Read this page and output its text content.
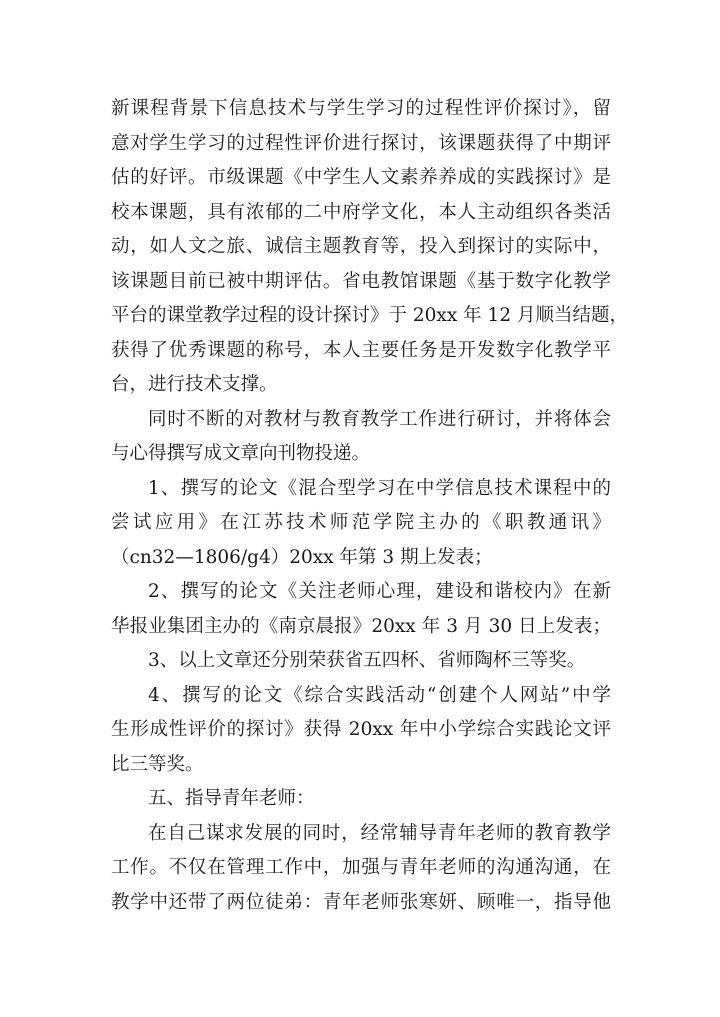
新课程背景下信息技术与学生学习的过程性评价探讨》，留
意对学生学习的过程性评价进行探讨，该课题获得了中期评
估的好评。市级课题《中学生人文素养养成的实践探讨》是
校本课题，具有浓郁的二中府学文化，本人主动组织各类活
动，如人文之旅、诚信主题教育等，投入到探讨的实际中，
该课题目前已被中期评估。省电教馆课题《基于数字化教学
平台的课堂教学过程的设计探讨》于 20xx 年 12 月顺当结题，
获得了优秀课题的称号，本人主要任务是开发数字化教学平
台，进行技术支撑。
同时不断的对教材与教育教学工作进行研讨，并将体会
与心得撰写成文章向刊物投递。
1、撰写的论文《混合型学习在中学信息技术课程中的
尝试应用》在江苏技术师范学院主办的《职教通讯》
（cn32—1806/g4）20xx 年第 3 期上发表；
2、撰写的论文《关注老师心理，建设和谐校内》在新
华报业集团主办的《南京晨报》20xx 年 3 月 30 日上发表；
3、以上文章还分别荣获省五四杯、省师陶杯三等奖。
4、撰写的论文《综合实践活动“创建个人网站”中学
生形成性评价的探讨》获得 20xx 年中小学综合实践论文评
比三等奖。
五、指导青年老师：
在自己谋求发展的同时，经常辅导青年老师的教育教学
工作。不仅在管理工作中，加强与青年老师的沟通沟通，在
教学中还带了两位徒弟：青年老师张寒妍、顾唯一，指导他
